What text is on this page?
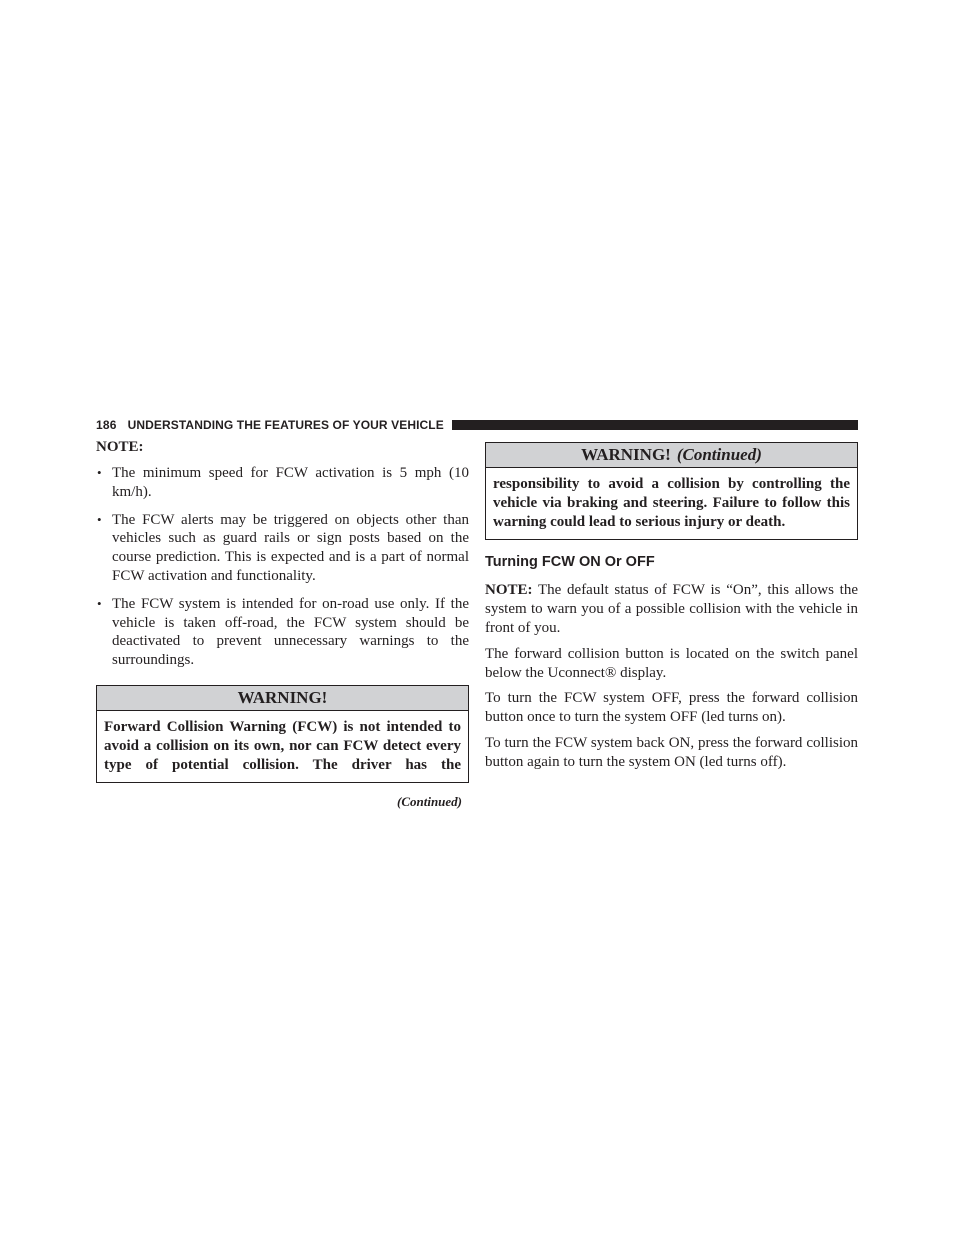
186 UNDERSTANDING THE FEATURES OF YOUR VEHICLE
NOTE:
• The minimum speed for FCW activation is 5 mph (10 km/h).
• The FCW alerts may be triggered on objects other than vehicles such as guard rails or sign posts based on the course prediction. This is expected and is a part of normal FCW activation and functionality.
• The FCW system is intended for on-road use only. If the vehicle is taken off-road, the FCW system should be deactivated to prevent unnecessary warnings to the surroundings.
WARNING!
Forward Collision Warning (FCW) is not intended to avoid a collision on its own, nor can FCW detect every type of potential collision. The driver has the
(Continued)
WARNING! (Continued)
responsibility to avoid a collision by controlling the vehicle via braking and steering. Failure to follow this warning could lead to serious injury or death.
Turning FCW ON Or OFF

NOTE: The default status of FCW is “On”, this allows the system to warn you of a possible collision with the vehicle in front of you.

The forward collision button is located on the switch panel below the Uconnect® display.

To turn the FCW system OFF, press the forward collision button once to turn the system OFF (led turns on).

To turn the FCW system back ON, press the forward collision button again to turn the system ON (led turns off).
